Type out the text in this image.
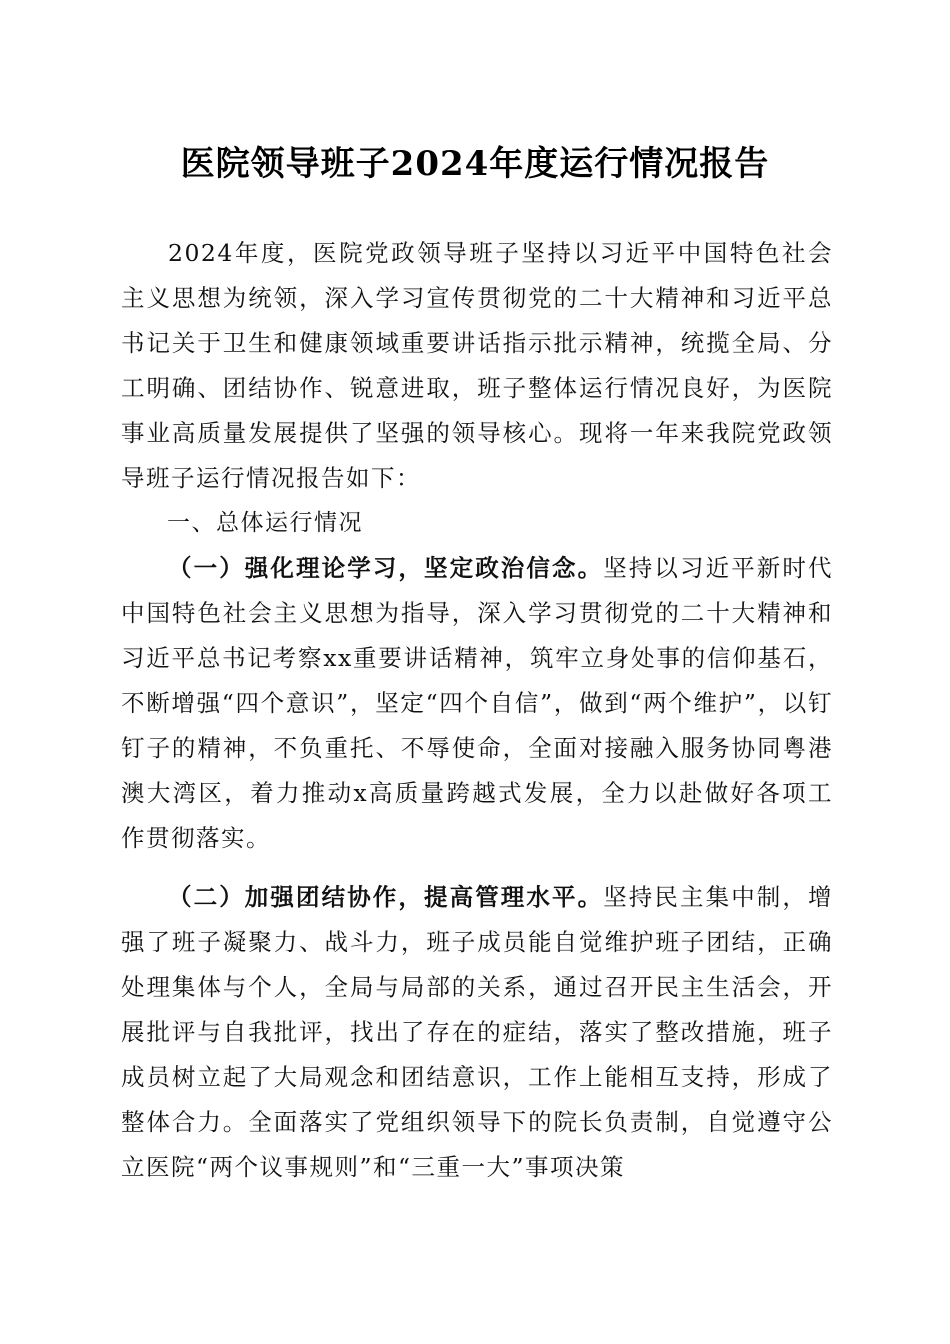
医院领导班子2024年度运行情况报告

2024年度，医院党政领导班子坚持以习近平中国特色社会主义思想为统领，深入学习宣传贯彻党的二十大精神和习近平总书记关于卫生和健康领域重要讲话指示批示精神，统揽全局、分工明确、团结协作、锐意进取，班子整体运行情况良好，为医院事业高质量发展提供了坚强的领导核心。现将一年来我院党政领导班子运行情况报告如下：

一、总体运行情况

（一）强化理论学习，坚定政治信念。坚持以习近平新时代中国特色社会主义思想为指导，深入学习贯彻党的二十大精神和习近平总书记考察xx重要讲话精神，筑牢立身处事的信仰基石，不断增强“四个意识”，坚定“四个自信”，做到“两个维护”，以钉钉子的精神，不负重托、不辱使命，全面对接融入服务协同粤港澳大湾区，着力推动x高质量跨越式发展，全力以赴做好各项工作贯彻落实。

（二）加强团结协作，提高管理水平。坚持民主集中制，增强了班子凝聚力、战斗力，班子成员能自觉维护班子团结，正确处理集体与个人，全局与局部的关系，通过召开民主生活会，开展批评与自我批评，找出了存在的症结，落实了整改措施，班子成员树立起了大局观念和团结意识，工作上能相互支持，形成了整体合力。全面落实了党组织领导下的院长负责制，自觉遵守公立医院“两个议事规则”和“三重一大”事项决策
